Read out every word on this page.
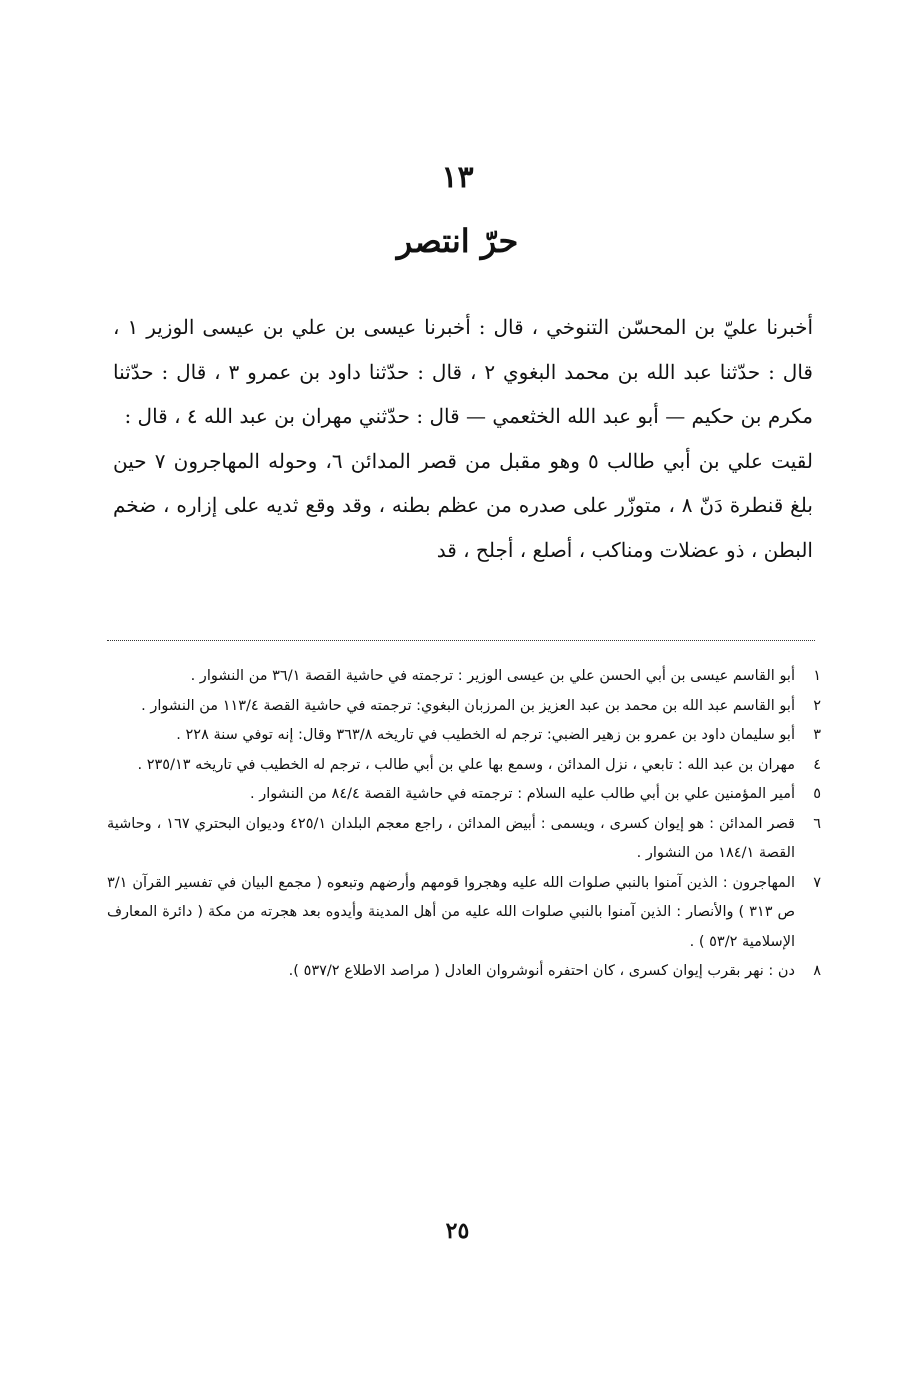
١٣
حرّ انتصر

أخبرنا عليّ بن المحسّن التنوخي ، قال : أخبرنا عيسى بن علي بن عيسى الوزير ١ ، قال : حدّثنا عبد الله بن محمد البغوي ٢ ، قال : حدّثنا داود بن عمرو ٣ ، قال : حدّثنا مكرم بن حكيم — أبو عبد الله الخثعمي — قال : حدّثني مهران بن عبد الله ٤ ، قال :

لقيت علي بن أبي طالب ٥ وهو مقبل من قصر المدائن ٦، وحوله المهاجرون ٧ حين بلغ قنطرة دَنّ ٨ ، متوزّر على صدره من عظم بطنه ، وقد وقع ثديه على إزاره ، ضخم البطن ، ذو عضلات ومناكب ، أصلع ، أجلح ، قد

١
أبو القاسم عيسى بن أبي الحسن علي بن عيسى الوزير : ترجمته في حاشية القصة ٣٦/١ من النشوار .
٢
أبو القاسم عبد الله بن محمد بن عبد العزيز بن المرزبان البغوي: ترجمته في حاشية القصة ١١٣/٤ من النشوار .
٣
أبو سليمان داود بن عمرو بن زهير الضبي: ترجم له الخطيب في تاريخه ٣٦٣/٨ وقال: إنه توفي سنة ٢٢٨ .
٤
مهران بن عبد الله : تابعي ، نزل المدائن ، وسمع بها علي بن أبي طالب ، ترجم له الخطيب في تاريخه ٢٣٥/١٣ .
٥
أمير المؤمنين علي بن أبي طالب عليه السلام : ترجمته في حاشية القصة ٨٤/٤ من النشوار .
٦
قصر المدائن : هو إيوان كسرى ، ويسمى : أبيض المدائن ، راجع معجم البلدان ٤٢٥/١ وديوان البحتري ١٦٧ ، وحاشية القصة ١٨٤/١ من النشوار .
٧
المهاجرون : الذين آمنوا بالنبي صلوات الله عليه وهجروا قومهم وأرضهم وتبعوه ( مجمع البيان في تفسير القرآن ٣/١ ص ٣١٣ ) والأنصار : الذين آمنوا بالنبي صلوات الله عليه من أهل المدينة وأيدوه بعد هجرته من مكة ( دائرة المعارف الإسلامية ٥٣/٢ ) .
٨
دن : نهر بقرب إيوان كسرى ، كان احتفره أنوشروان العادل ( مراصد الاطلاع ٥٣٧/٢ ).
٢٥
